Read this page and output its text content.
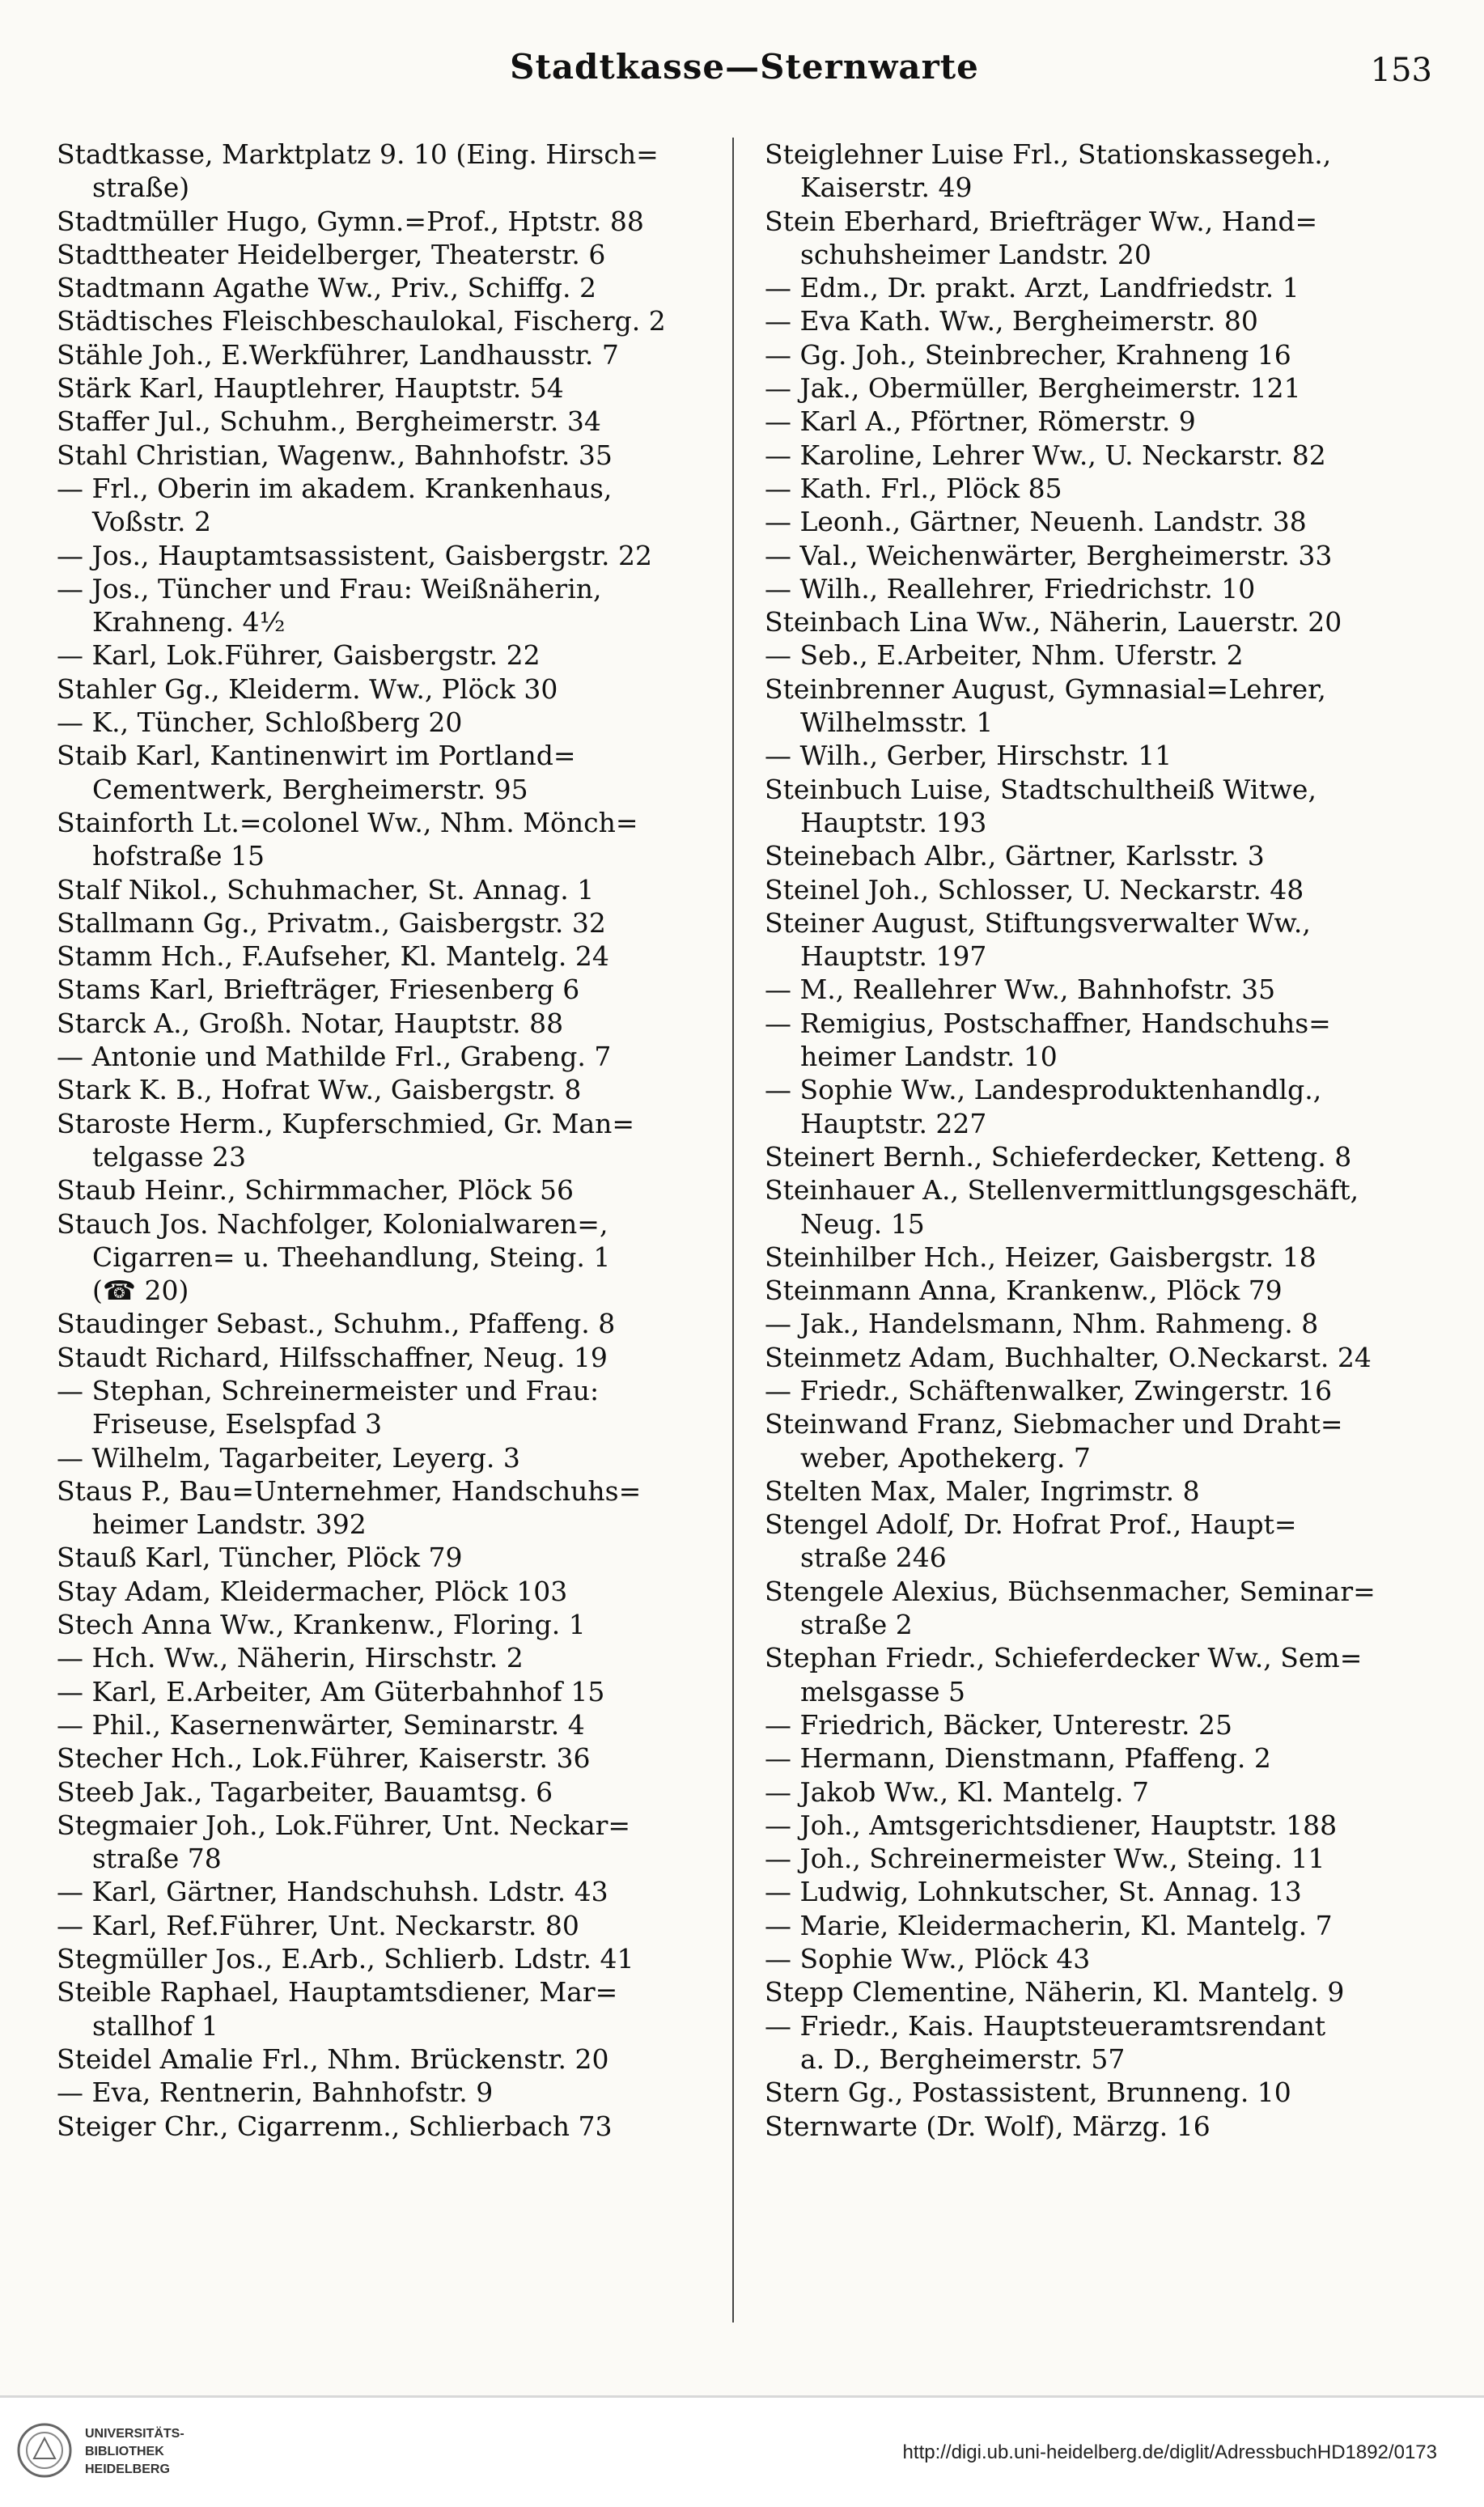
Stadtkasse—Sternwarte	153
Stadtkasse, Marktplatz 9. 10 (Eing. Hirsch=
straße)
Stadtmüller Hugo, Gymn.=Prof., Hptstr. 88
Stadttheater Heidelberger, Theaterstr. 6
Stadtmann Agathe Ww., Priv., Schiffg. 2
Städtisches Fleischbeschaulokal, Fischerg. 2
Stähle Joh., E.Werkführer, Landhausstr. 7
Stärk Karl, Hauptlehrer, Hauptstr. 54
Staffer Jul., Schuhm., Bergheimerstr. 34
Stahl Christian, Wagenw., Bahnhofstr. 35
— Frl., Oberin im akadem. Krankenhaus,
Voßstr. 2
— Jos., Hauptamtsassistent, Gaisbergstr. 22
— Jos., Tüncher und Frau: Weißnäherin,
Krahneng. 4½
— Karl, Lok.Führer, Gaisbergstr. 22
Stahler Gg., Kleiderm. Ww., Plöck 30
— K., Tüncher, Schloßberg 20
Staib Karl, Kantinenwirt im Portland=
Cementwerk, Bergheimerstr. 95
Stainforth Lt.=colonel Ww., Nhm. Mönch=
hofstraße 15
Stalf Nikol., Schuhmacher, St. Annag. 1
Stallmann Gg., Privatm., Gaisbergstr. 32
Stamm Hch., F.Aufseher, Kl. Mantelg. 24
Stams Karl, Briefträger, Friesenberg 6
Starck A., Großh. Notar, Hauptstr. 88
— Antonie und Mathilde Frl., Grabeng. 7
Stark K. B., Hofrat Ww., Gaisbergstr. 8
Staroste Herm., Kupferschmied, Gr. Man=
telgasse 23
Staub Heinr., Schirmmacher, Plöck 56
Stauch Jos. Nachfolger, Kolonialwaren=,
Cigarren= u. Theehandlung, Steing. 1
(☎ 20)
Staudinger Sebast., Schuhm., Pfaffeng. 8
Staudt Richard, Hilfsschaffner, Neug. 19
— Stephan, Schreinermeister und Frau:
Friseuse, Eselspfad 3
— Wilhelm, Tagarbeiter, Leyerg. 3
Staus P., Bau=Unternehmer, Handschuhs=
heimer Landstr. 392
Stauß Karl, Tüncher, Plöck 79
Stay Adam, Kleidermacher, Plöck 103
Stech Anna Ww., Krankenw., Floring. 1
— Hch. Ww., Näherin, Hirschstr. 2
— Karl, E.Arbeiter, Am Güterbahnhof 15
— Phil., Kasernenwärter, Seminarstr. 4
Stecher Hch., Lok.Führer, Kaiserstr. 36
Steeb Jak., Tagarbeiter, Bauamtsg. 6
Stegmaier Joh., Lok.Führer, Unt. Neckar=
straße 78
— Karl, Gärtner, Handschuhsh. Ldstr. 43
— Karl, Ref.Führer, Unt. Neckarstr. 80
Stegmüller Jos., E.Arb., Schlierb. Ldstr. 41
Steible Raphael, Hauptamtsdiener, Mar=
stallhof 1
Steidel Amalie Frl., Nhm. Brückenstr. 20
— Eva, Rentnerin, Bahnhofstr. 9
Steiger Chr., Cigarrenm., Schlierbach 73
Steiglehner Luise Frl., Stationskassegeh.,
Kaiserstr. 49
Stein Eberhard, Briefträger Ww., Hand=
schuhsheimer Landstr. 20
— Edm., Dr. prakt. Arzt, Landfriedstr. 1
— Eva Kath. Ww., Bergheimerstr. 80
— Gg. Joh., Steinbrecher, Krahneng 16
— Jak., Obermüller, Bergheimerstr. 121
— Karl A., Pförtner, Römerstr. 9
— Karoline, Lehrer Ww., U. Neckarstr. 82
— Kath. Frl., Plöck 85
— Leonh., Gärtner, Neuenh. Landstr. 38
— Val., Weichenwärter, Bergheimerstr. 33
— Wilh., Reallehrer, Friedrichstr. 10
Steinbach Lina Ww., Näherin, Lauerstr. 20
— Seb., E.Arbeiter, Nhm. Uferstr. 2
Steinbrenner August, Gymnasial=Lehrer,
Wilhelmsstr. 1
— Wilh., Gerber, Hirschstr. 11
Steinbuch Luise, Stadtschultheiß Witwe,
Hauptstr. 193
Steinebach Albr., Gärtner, Karlsstr. 3
Steinel Joh., Schlosser, U. Neckarstr. 48
Steiner August, Stiftungsverwalter Ww.,
Hauptstr. 197
— M., Reallehrer Ww., Bahnhofstr. 35
— Remigius, Postschaffner, Handschuhs=
heimer Landstr. 10
— Sophie Ww., Landesproduktenhandlg.,
Hauptstr. 227
Steinert Bernh., Schieferdecker, Ketteng. 8
Steinhauer A., Stellenvermittlungsgeschäft,
Neug. 15
Steinhilber Hch., Heizer, Gaisbergstr. 18
Steinmann Anna, Krankenw., Plöck 79
— Jak., Handelsmann, Nhm. Rahmeng. 8
Steinmetz Adam, Buchhalter, O.Neckarst. 24
— Friedr., Schäftenwalker, Zwingerstr. 16
Steinwand Franz, Siebmacher und Draht=
weber, Apothekerg. 7
Stelten Max, Maler, Ingrimstr. 8
Stengel Adolf, Dr. Hofrat Prof., Haupt=
straße 246
Stengele Alexius, Büchsenmacher, Seminar=
straße 2
Stephan Friedr., Schieferdecker Ww., Sem=
melsgasse 5
— Friedrich, Bäcker, Unterestr. 25
— Hermann, Dienstmann, Pfaffeng. 2
— Jakob Ww., Kl. Mantelg. 7
— Joh., Amtsgerichtsdiener, Hauptstr. 188
— Joh., Schreinermeister Ww., Steing. 11
— Ludwig, Lohnkutscher, St. Annag. 13
— Marie, Kleidermacherin, Kl. Mantelg. 7
— Sophie Ww., Plöck 43
Stepp Clementine, Näherin, Kl. Mantelg. 9
— Friedr., Kais. Hauptsteueramtsrendant
a. D., Bergheimerstr. 57
Stern Gg., Postassistent, Brunneng. 10
Sternwarte (Dr. Wolf), Märzg. 16
UNIVERSITÄTS-
BIBLIOTHEK
HEIDELBERG
http://digi.ub.uni-heidelberg.de/diglit/AdressbuchHD1892/0173
